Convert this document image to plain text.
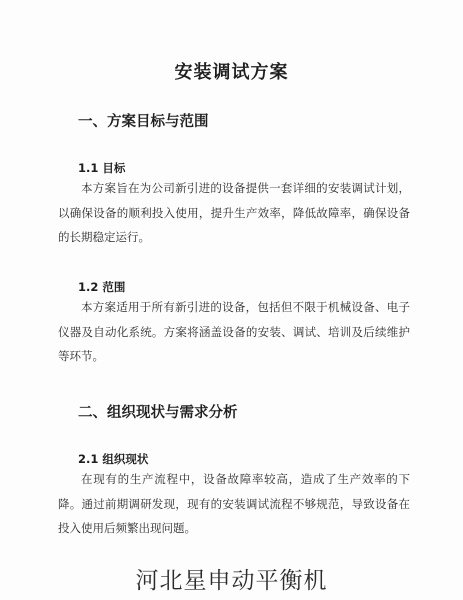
安装调试方案
一、方案目标与范围
1.1 目标

本方案旨在为公司新引进的设备提供一套详细的安装调试计划，以确保设备的顺利投入使用，提升生产效率，降低故障率，确保设备的长期稳定运行。

1.2 范围

本方案适用于所有新引进的设备，包括但不限于机械设备、电子仪器及自动化系统。方案将涵盖设备的安装、调试、培训及后续维护等环节。

二、组织现状与需求分析
2.1 组织现状

在现有的生产流程中，设备故障率较高，造成了生产效率的下降。通过前期调研发现，现有的安装调试流程不够规范，导致设备在投入使用后频繁出现问题。

河北星申动平衡机
